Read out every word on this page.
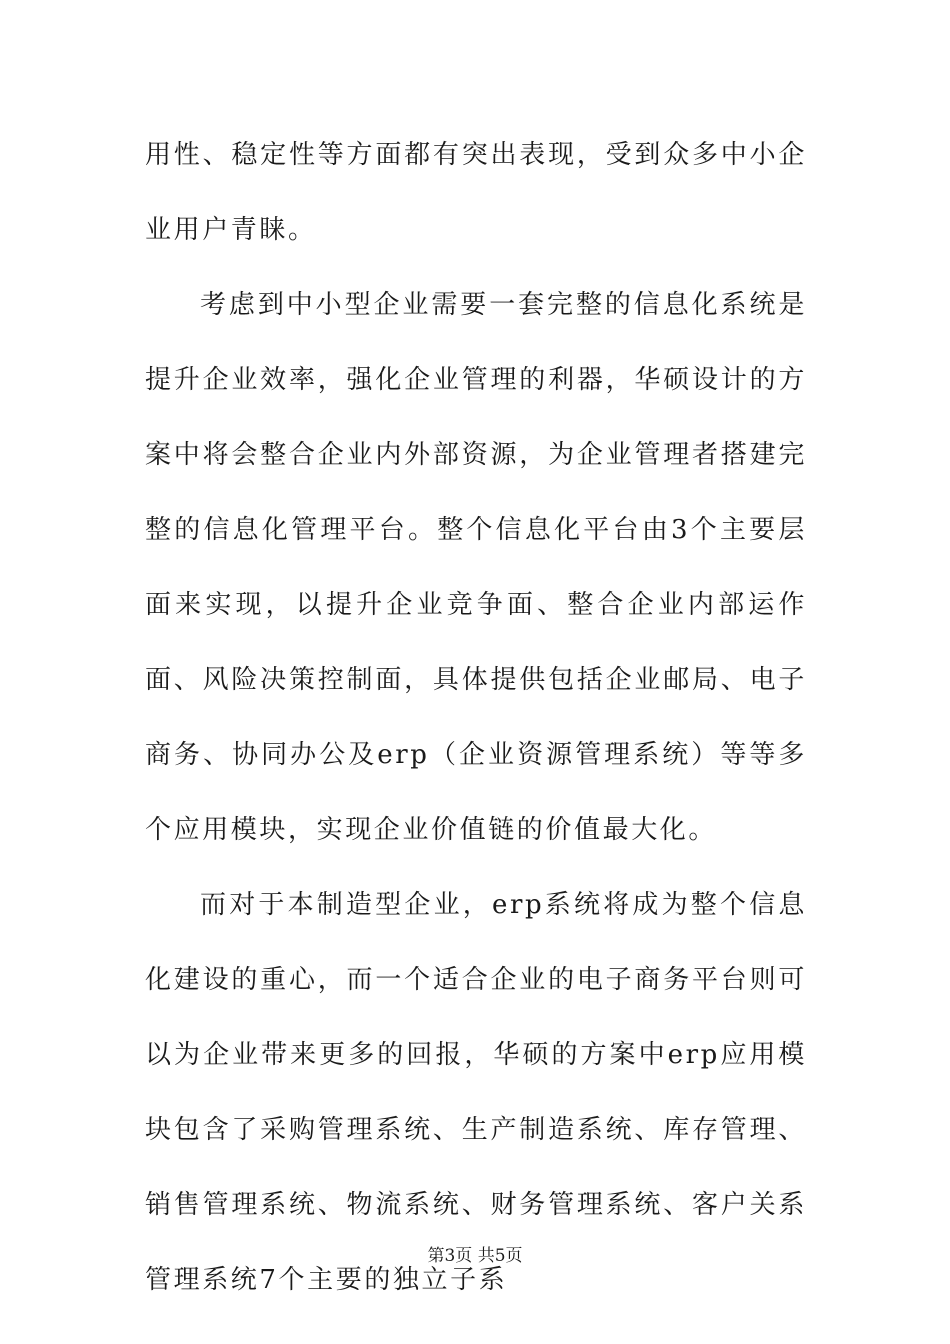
用性、稳定性等方面都有突出表现，受到众多中小企业用户青睐。

考虑到中小型企业需要一套完整的信息化系统是提升企业效率，强化企业管理的利器，华硕设计的方案中将会整合企业内外部资源，为企业管理者搭建完整的信息化管理平台。整个信息化平台由3个主要层面来实现，以提升企业竞争面、整合企业内部运作面、风险决策控制面，具体提供包括企业邮局、电子商务、协同办公及erp（企业资源管理系统）等等多个应用模块，实现企业价值链的价值最大化。

而对于本制造型企业，erp系统将成为整个信息化建设的重心，而一个适合企业的电子商务平台则可以为企业带来更多的回报，华硕的方案中erp应用模块包含了采购管理系统、生产制造系统、库存管理、销售管理系统、物流系统、财务管理系统、客户关系管理系统7个主要的独立子系

第3页 共5页
